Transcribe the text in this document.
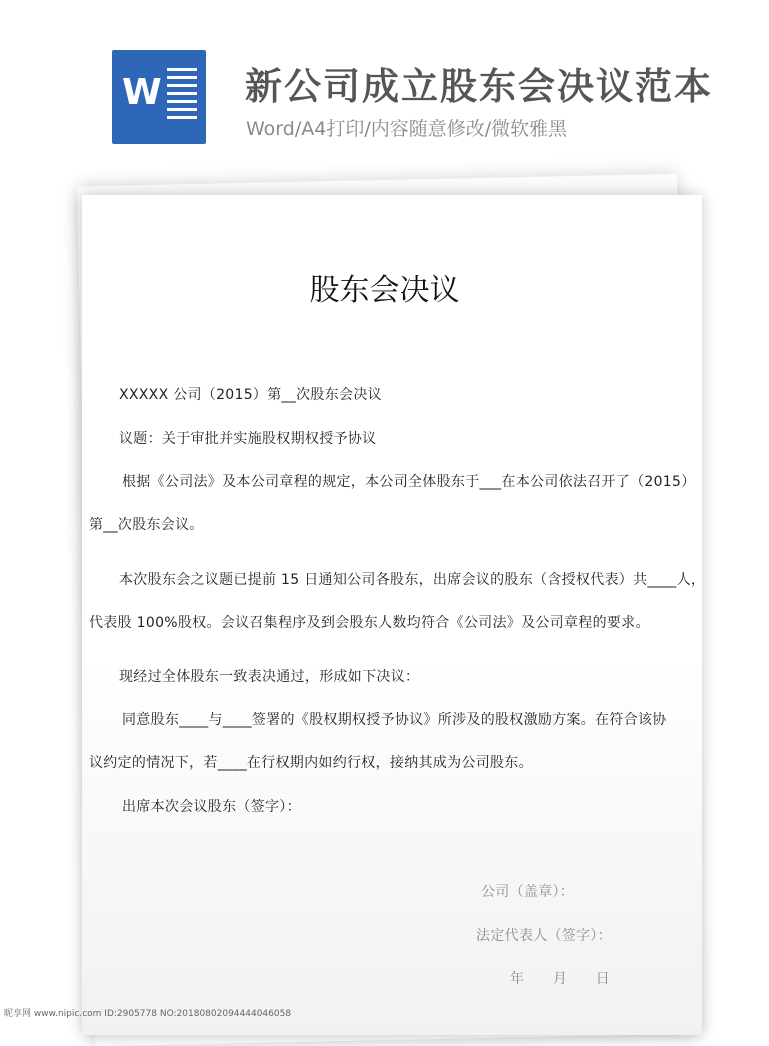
W 新公司成立股东会决议范本
Word/A4打印/内容随意修改/微软雅黑
股东会决议
XXXXX 公司（2015）第__次股东会决议
议题：关于审批并实施股权期权授予协议
根据《公司法》及本公司章程的规定，本公司全体股东于___在本公司依法召开了（2015）
第__次股东会议。
本次股东会之议题已提前 15 日通知公司各股东，出席会议的股东（含授权代表）共____人，
代表股 100%股权。会议召集程序及到会股东人数均符合《公司法》及公司章程的要求。
现经过全体股东一致表决通过，形成如下决议：
同意股东____与____签署的《股权期权授予协议》所涉及的股权激励方案。在符合该协
议约定的情况下，若____在行权期内如约行权，接纳其成为公司股东。
出席本次会议股东（签字）：
公司（盖章）：
法定代表人（签字）：
年　　月　　日
昵享网 www.nipic.com ID:2905778 NO:20180802094444046058
